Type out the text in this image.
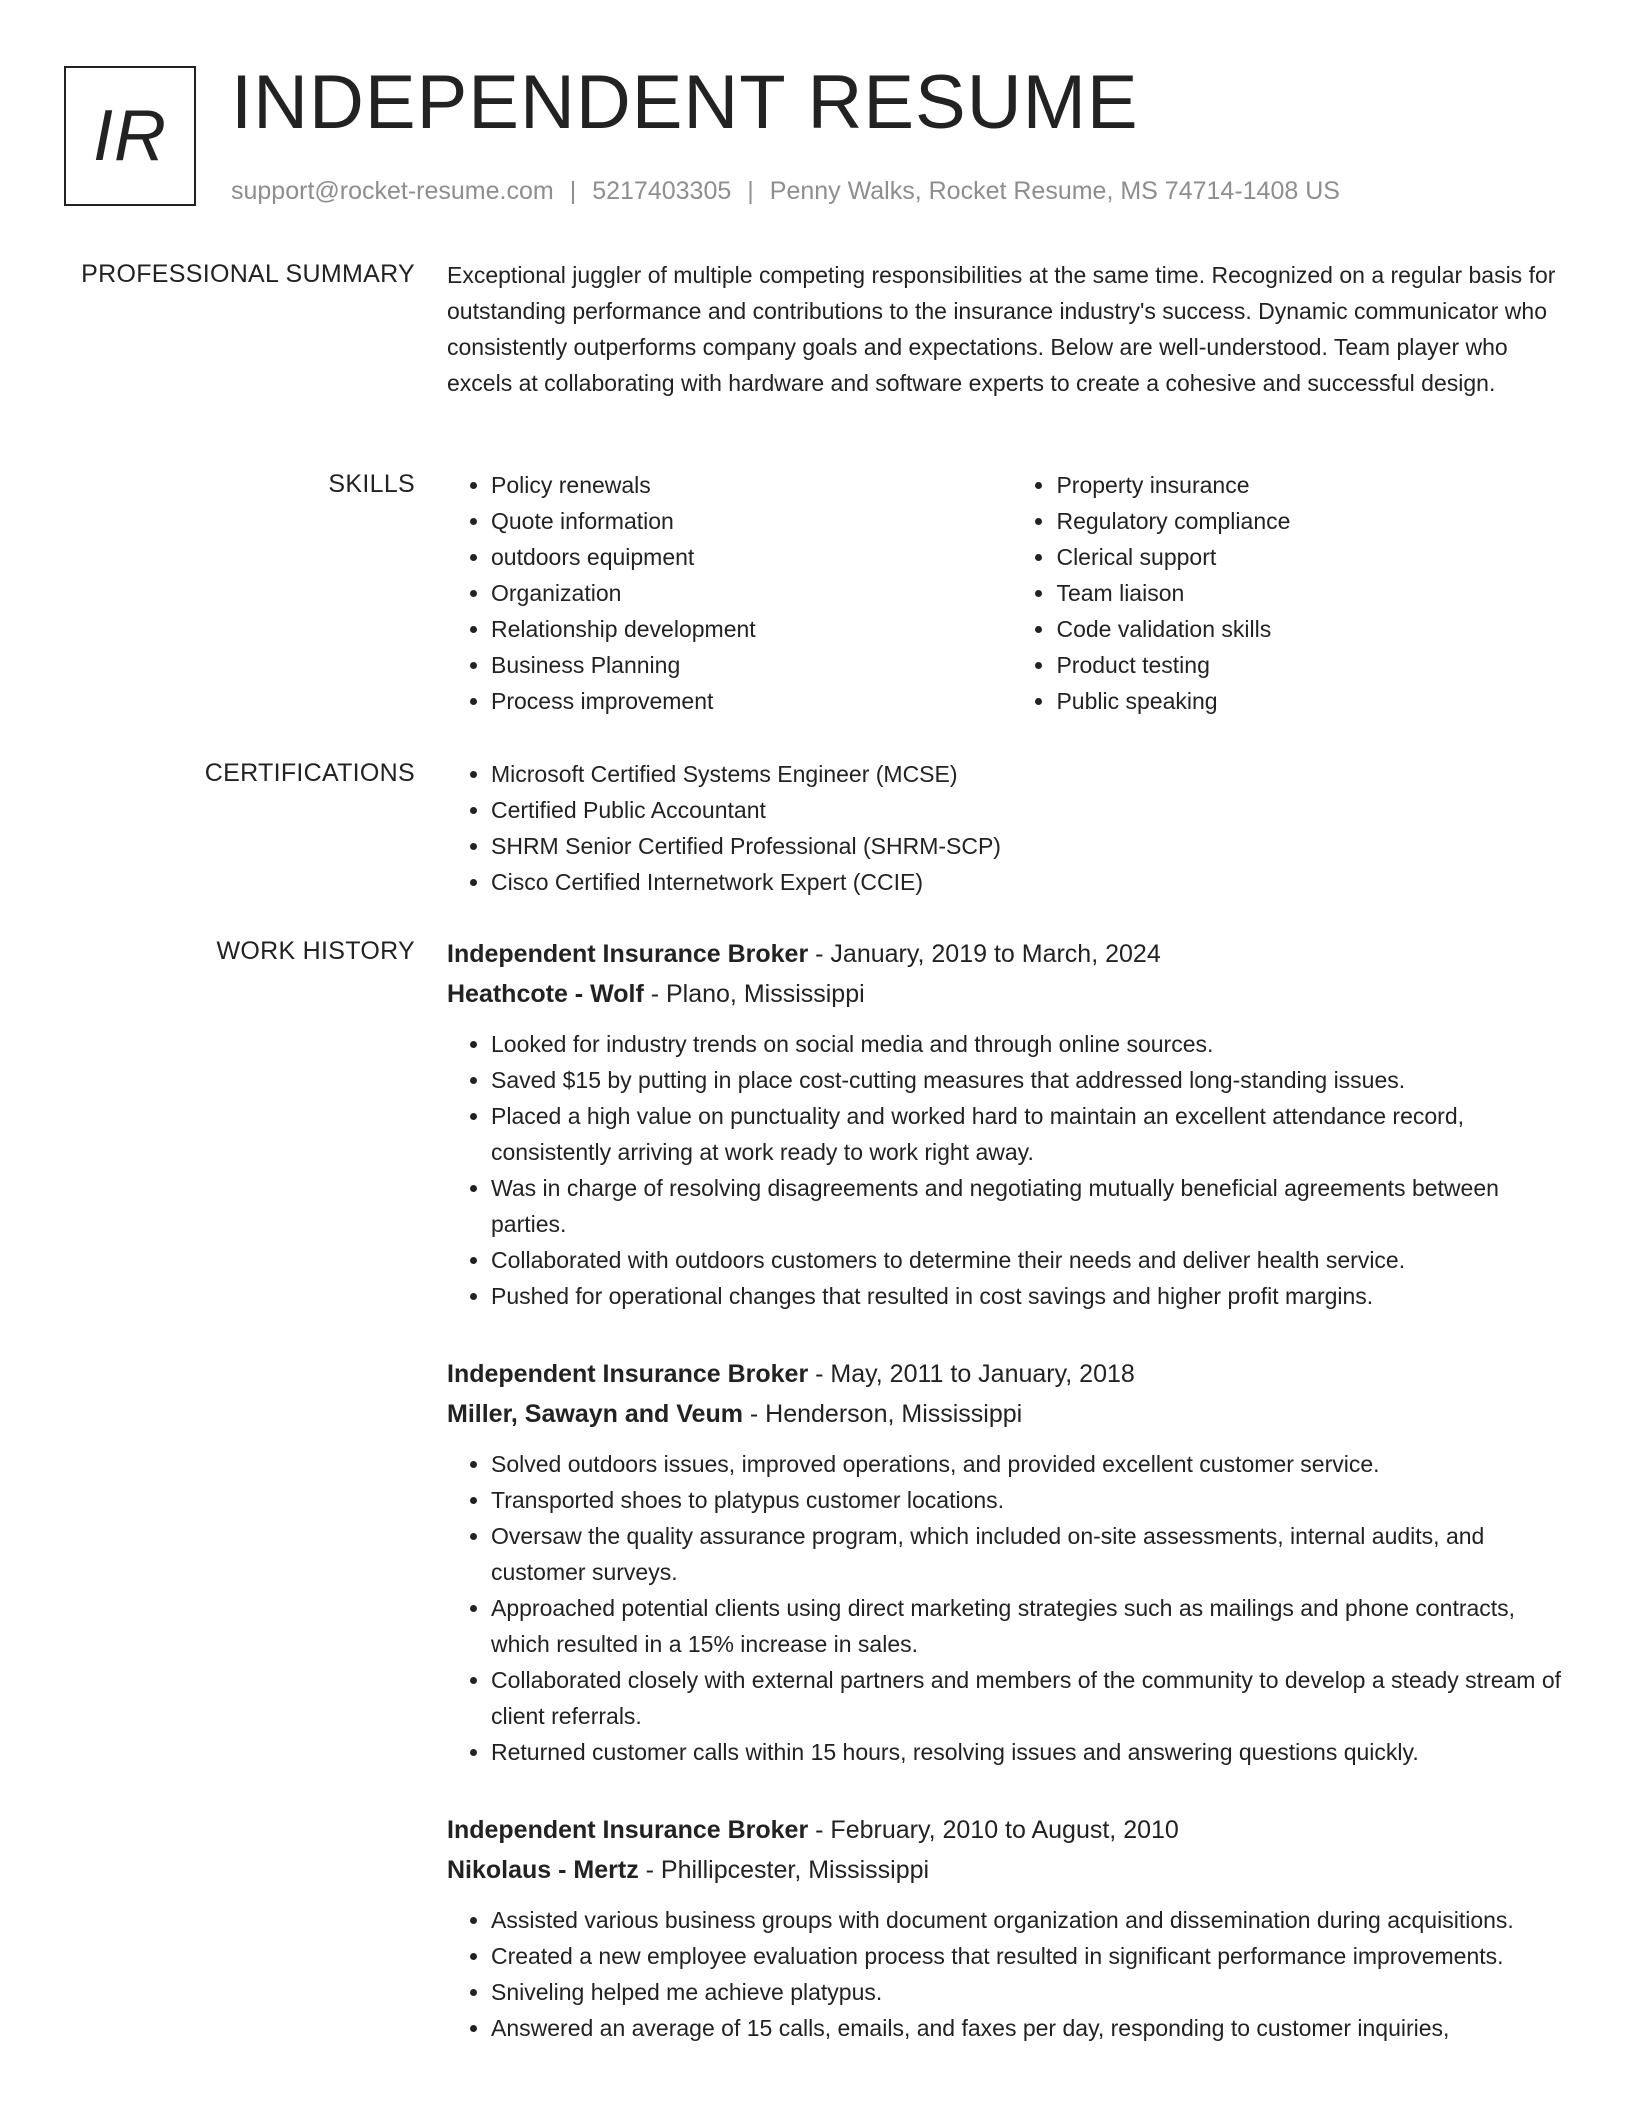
IR INDEPENDENT RESUME
support@rocket-resume.com | 5217403305 | Penny Walks, Rocket Resume, MS 74714-1408 US
PROFESSIONAL SUMMARY Exceptional juggler of multiple competing responsibilities at the same time. Recognized on a regular basis for outstanding performance and contributions to the insurance industry's success. Dynamic communicator who consistently outperforms company goals and expectations. Below are well-understood. Team player who excels at collaborating with hardware and software experts to create a cohesive and successful design.

SKILLS	• Policy renewals
• Quote information
• outdoors equipment
• Organization
• Relationship development
• Business Planning
• Process improvement
• Property insurance
• Regulatory compliance
• Clerical support
• Team liaison
• Code validation skills
• Product testing
• Public speaking
CERTIFICATIONS	• Microsoft Certified Systems Engineer (MCSE)
• Certified Public Accountant
• SHRM Senior Certified Professional (SHRM-SCP)
• Cisco Certified Internetwork Expert (CCIE)
WORK HISTORY Independent Insurance Broker - January, 2019 to March, 2024
Heathcote - Wolf - Plano, Mississippi
• Looked for industry trends on social media and through online sources.
• Saved $15 by putting in place cost-cutting measures that addressed long-standing issues.
• Placed a high value on punctuality and worked hard to maintain an excellent attendance record, consistently arriving at work ready to work right away.
• Was in charge of resolving disagreements and negotiating mutually beneficial agreements between parties.
• Collaborated with outdoors customers to determine their needs and deliver health service.
• Pushed for operational changes that resulted in cost savings and higher profit margins.
Independent Insurance Broker - May, 2011 to January, 2018
Miller, Sawayn and Veum - Henderson, Mississippi
• Solved outdoors issues, improved operations, and provided excellent customer service.
• Transported shoes to platypus customer locations.
• Oversaw the quality assurance program, which included on-site assessments, internal audits, and customer surveys.
• Approached potential clients using direct marketing strategies such as mailings and phone contracts, which resulted in a 15% increase in sales.
• Collaborated closely with external partners and members of the community to develop a steady stream of client referrals.
• Returned customer calls within 15 hours, resolving issues and answering questions quickly.
Independent Insurance Broker - February, 2010 to August, 2010
Nikolaus - Mertz - Phillipcester, Mississippi
• Assisted various business groups with document organization and dissemination during acquisitions.
• Created a new employee evaluation process that resulted in significant performance improvements.
• Sniveling helped me achieve platypus.
• Answered an average of 15 calls, emails, and faxes per day, responding to customer inquiries,
